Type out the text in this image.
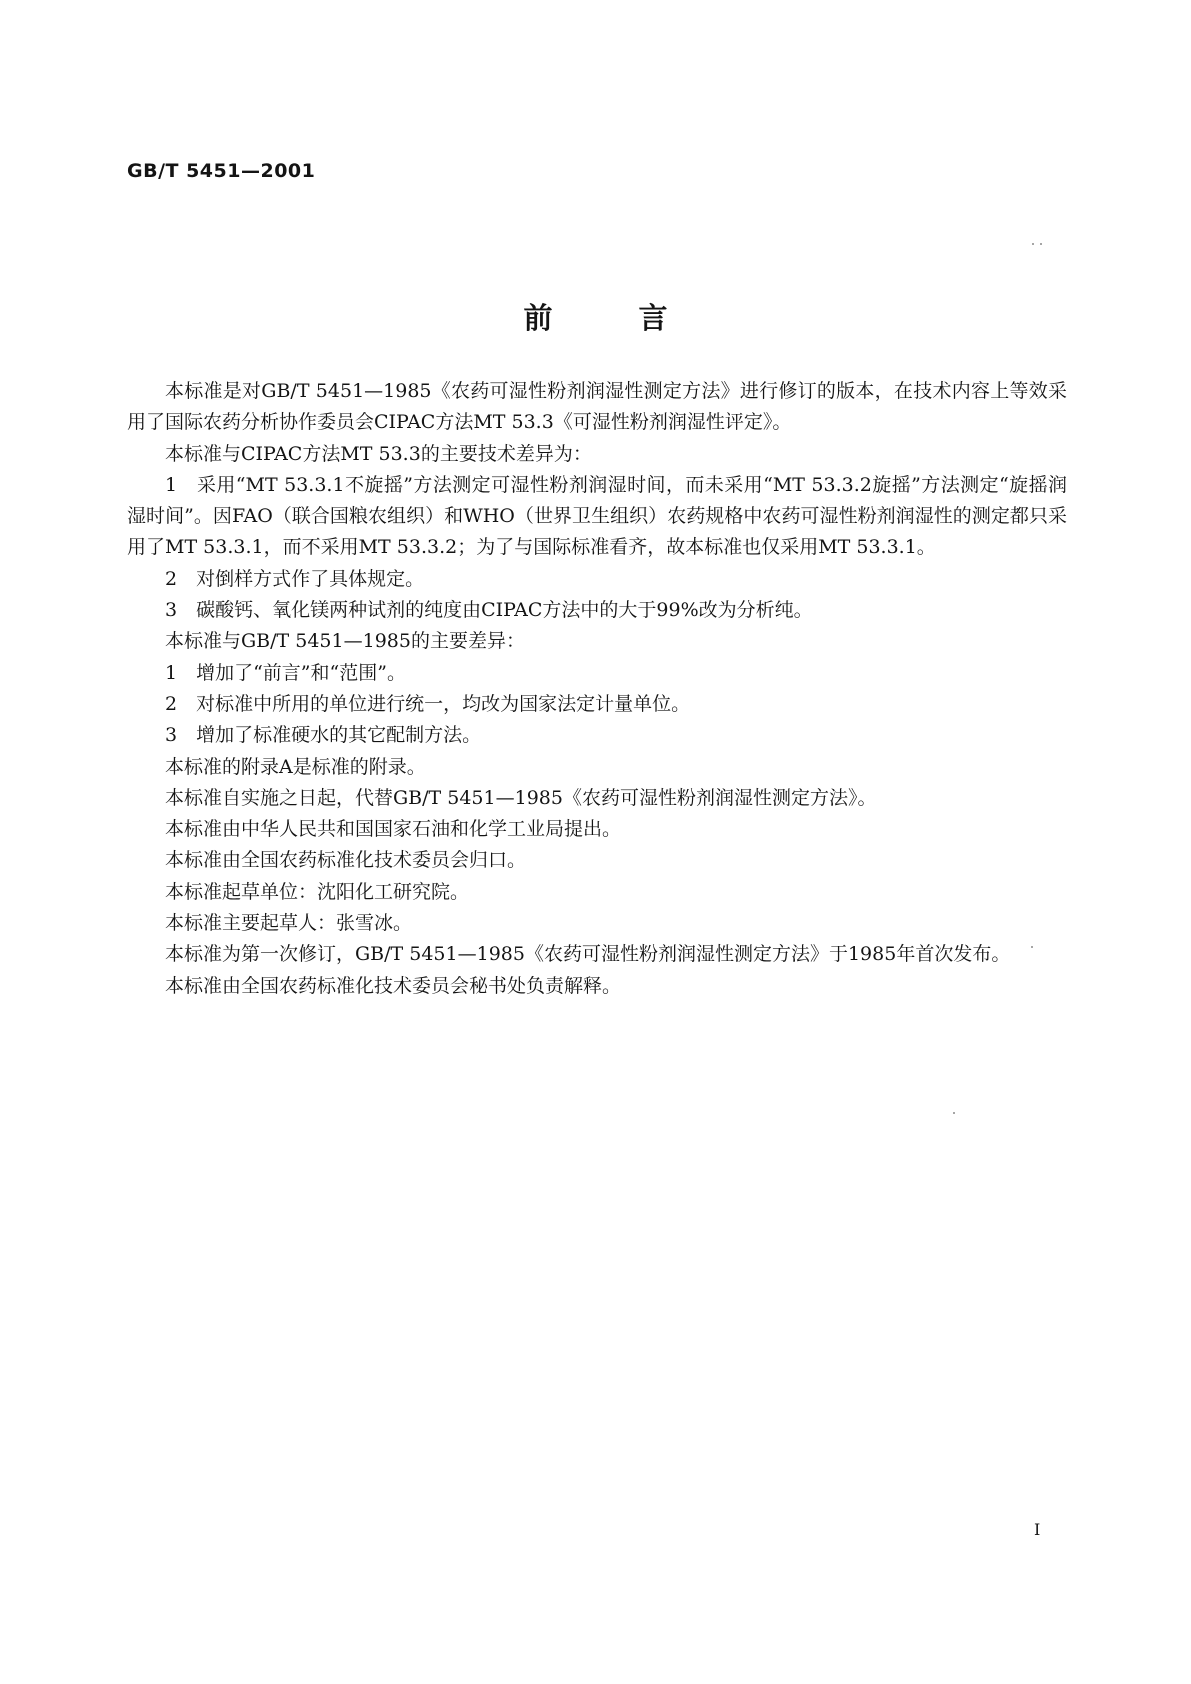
GB/T 5451—2001
前言

本标准是对GB/T 5451—1985《农药可湿性粉剂润湿性测定方法》进行修订的版本，在技术内容上等效采用了国际农药分析协作委员会CIPAC方法MT 53.3《可湿性粉剂润湿性评定》。

本标准与CIPAC方法MT 53.3的主要技术差异为：

1　采用“MT 53.3.1不旋摇”方法测定可湿性粉剂润湿时间，而未采用“MT 53.3.2旋摇”方法测定“旋摇润湿时间”。因FAO（联合国粮农组织）和WHO（世界卫生组织）农药规格中农药可湿性粉剂润湿性的测定都只采用了MT 53.3.1，而不采用MT 53.3.2；为了与国际标准看齐，故本标准也仅采用MT 53.3.1。

2　对倒样方式作了具体规定。

3　碳酸钙、氧化镁两种试剂的纯度由CIPAC方法中的大于99%改为分析纯。

本标准与GB/T 5451—1985的主要差异：

1　增加了“前言”和“范围”。

2　对标准中所用的单位进行统一，均改为国家法定计量单位。

3　增加了标准硬水的其它配制方法。

本标准的附录A是标准的附录。

本标准自实施之日起，代替GB/T 5451—1985《农药可湿性粉剂润湿性测定方法》。

本标准由中华人民共和国国家石油和化学工业局提出。

本标准由全国农药标准化技术委员会归口。

本标准起草单位：沈阳化工研究院。

本标准主要起草人：张雪冰。

本标准为第一次修订，GB/T 5451—1985《农药可湿性粉剂润湿性测定方法》于1985年首次发布。

本标准由全国农药标准化技术委员会秘书处负责解释。

I
